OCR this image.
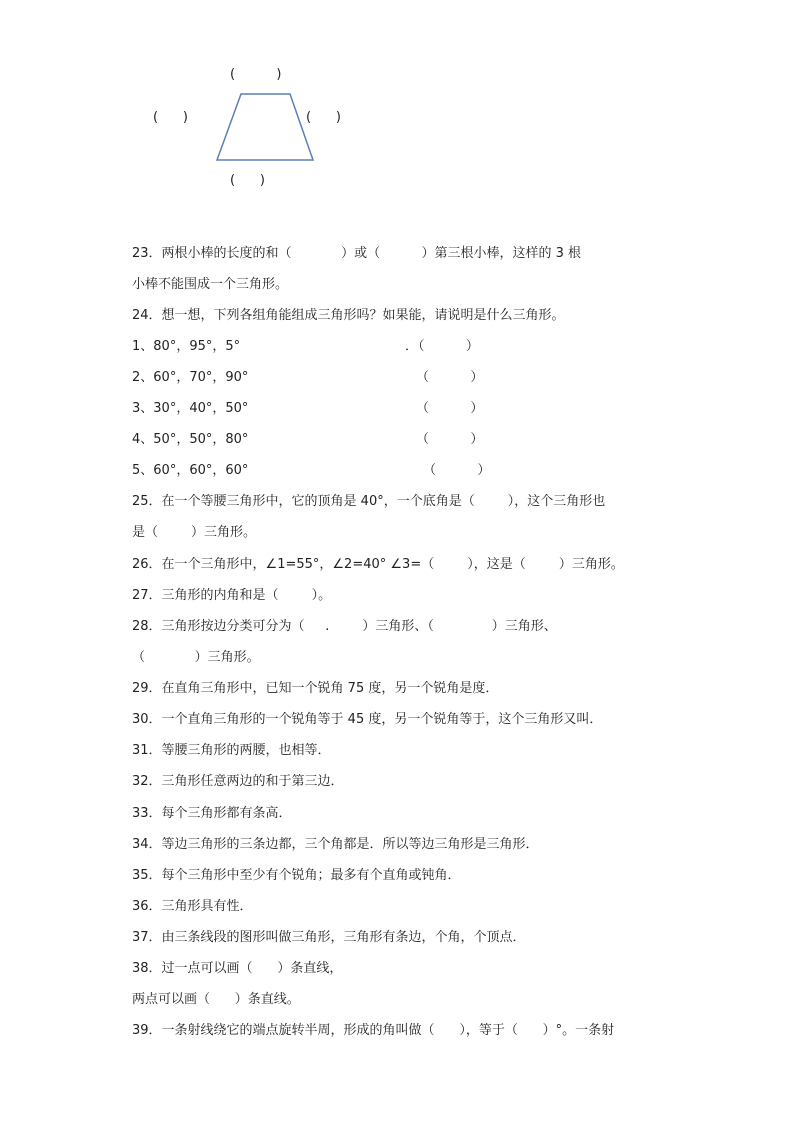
(          )
(      )	(      )
(      )
23．两根小棒的长度的和（            ）或（          ）第三根小棒，这样的 3 根
小棒不能围成一个三角形。
24．想一想，下列各组角能组成三角形吗？如果能，请说明是什么三角形。
1、80°，95°，5°	．（          ）
2、60°，70°，90°	（          ）
3、30°，40°，50°	（          ）
4、50°，50°，80°	（          ）
5、60°，60°，60°	（          ）
25．在一个等腰三角形中，它的顶角是 40°，一个底角是（        ），这个三角形也
是（        ）三角形。
26．在一个三角形中，∠1=55°，∠2=40° ∠3=（        ），这是（        ）三角形。
27．三角形的内角和是（        ）。
28．三角形按边分类可分为（     .        ）三角形、（              ）三角形、
（            ）三角形。
29．在直角三角形中，已知一个锐角 75 度，另一个锐角是度．
30．一个直角三角形的一个锐角等于 45 度，另一个锐角等于，这个三角形又叫．
31．等腰三角形的两腰，也相等．
32．三角形任意两边的和于第三边．
33．每个三角形都有条高．
34．等边三角形的三条边都，三个角都是．所以等边三角形是三角形．
35．每个三角形中至少有个锐角；最多有个直角或钝角．
36．三角形具有性．
37．由三条线段的图形叫做三角形，三角形有条边，个角，个顶点．
38．过一点可以画（      ）条直线，
两点可以画（      ）条直线。
39．一条射线绕它的端点旋转半周，形成的角叫做（      ），等于（      ）°。一条射
